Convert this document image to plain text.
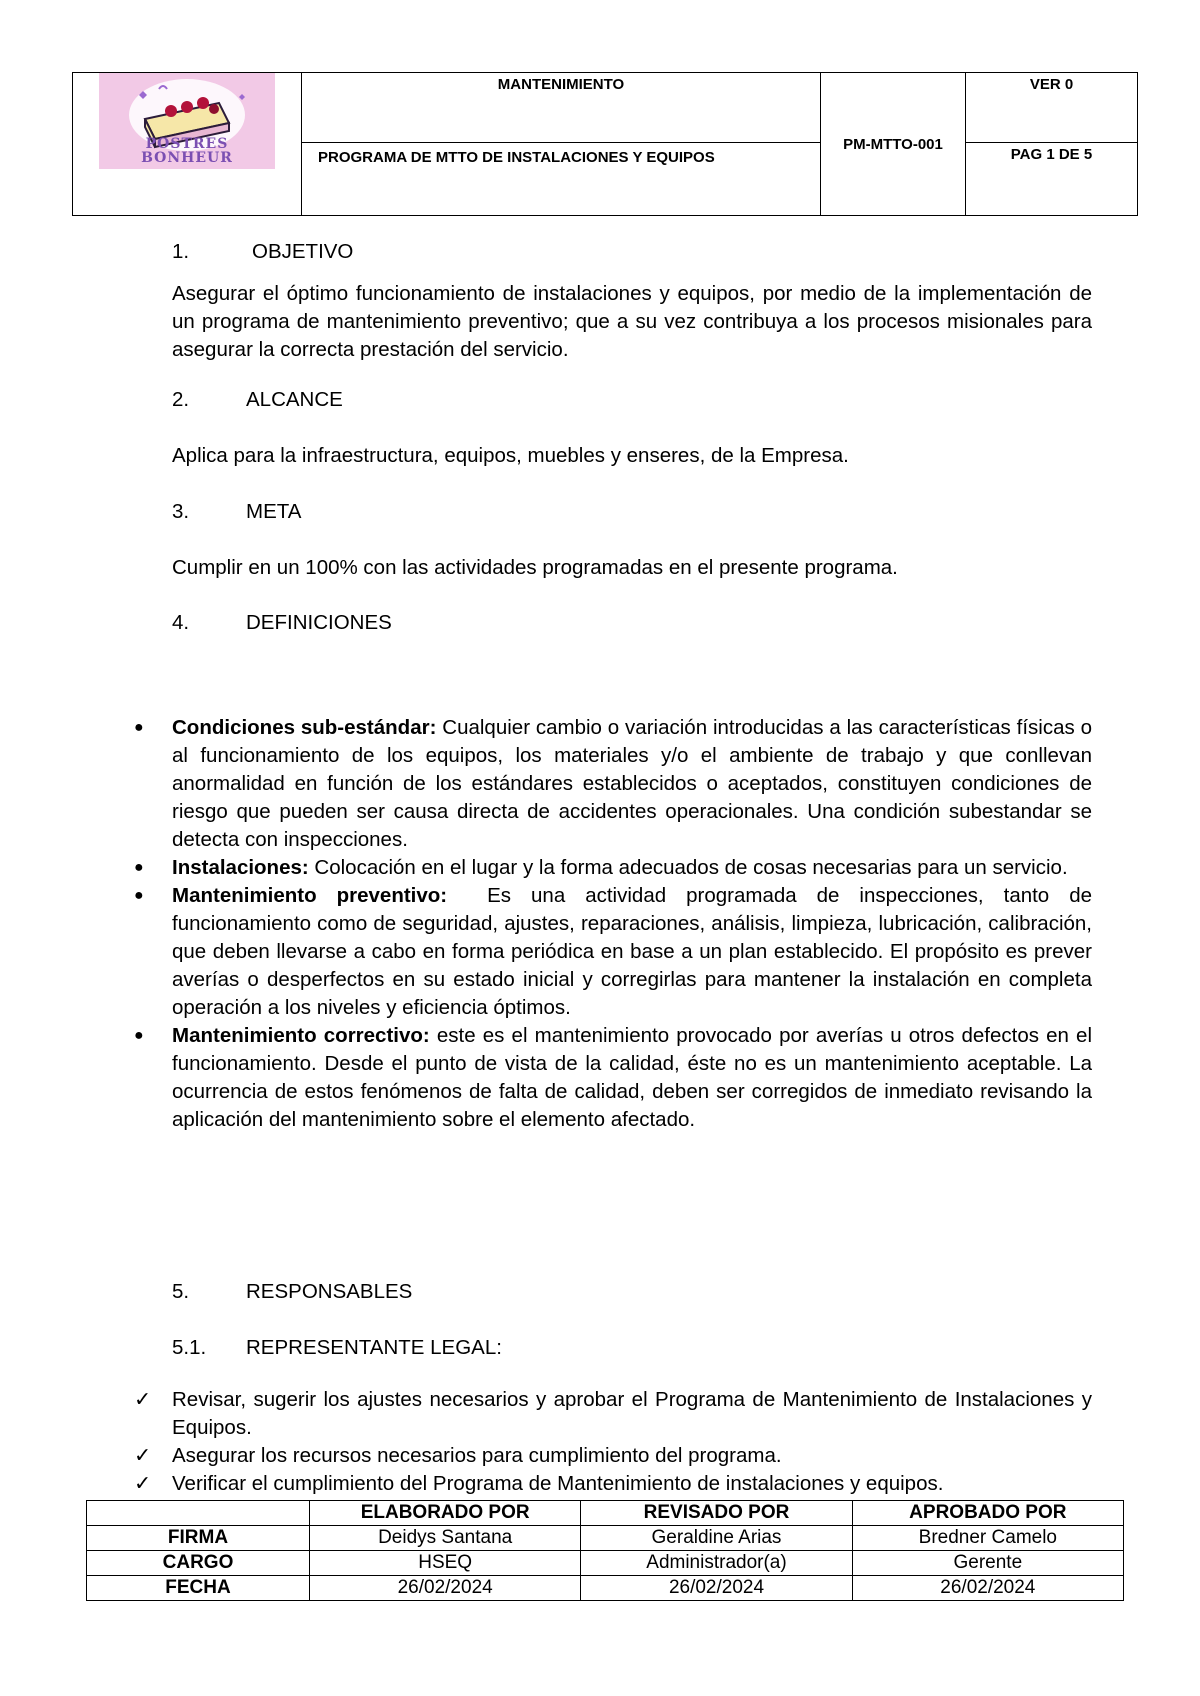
POSTRES BONHEUR	MANTENIMIENTO	PM-MTTO-001	VER 0
	PROGRAMA DE MTTO DE INSTALACIONES Y EQUIPOS		PAG 1 DE 5
1.	OBJETIVO

Asegurar el óptimo funcionamiento de instalaciones y equipos, por medio de la implementación de un programa de mantenimiento preventivo; que a su vez contribuya a los procesos misionales para asegurar la correcta prestación del servicio.

2.	ALCANCE

Aplica para la infraestructura, equipos, muebles y enseres, de la Empresa.

3.	META

Cumplir en un 100% con las actividades programadas en el presente programa.

4.	DEFINICIONES
● Condiciones sub-estándar: Cualquier cambio o variación introducidas a las características físicas o al funcionamiento de los equipos, los materiales y/o el ambiente de trabajo y que conllevan anormalidad en función de los estándares establecidos o aceptados, constituyen condiciones de riesgo que pueden ser causa directa de accidentes operacionales. Una condición subestandar se detecta con inspecciones.
● Instalaciones: Colocación en el lugar y la forma adecuados de cosas necesarias para un servicio.
● Mantenimiento preventivo:  Es una actividad programada de inspecciones, tanto de funcionamiento como de seguridad, ajustes, reparaciones, análisis, limpieza, lubricación, calibración, que deben llevarse a cabo en forma periódica en base a un plan establecido. El propósito es prever averías o desperfectos en su estado inicial y corregirlas para mantener la instalación en completa operación a los niveles y eficiencia óptimos.
● Mantenimiento correctivo: este es el mantenimiento provocado por averías u otros defectos en el funcionamiento. Desde el punto de vista de la calidad, éste no es un mantenimiento aceptable. La ocurrencia de estos fenómenos de falta de calidad, deben ser corregidos de inmediato revisando la aplicación del mantenimiento sobre el elemento afectado.
5.	RESPONSABLES
5.1.	REPRESENTANTE LEGAL:
✓ Revisar, sugerir los ajustes necesarios y aprobar el Programa de Mantenimiento de Instalaciones y Equipos.
✓ Asegurar los recursos necesarios para cumplimiento del programa.
✓ Verificar el cumplimiento del Programa de Mantenimiento de instalaciones y equipos.
	ELABORADO POR	REVISADO POR	APROBADO POR
FIRMA	Deidys Santana	Geraldine Arias	Bredner Camelo
CARGO	HSEQ	Administrador(a)	Gerente
FECHA	26/02/2024	26/02/2024	26/02/2024
